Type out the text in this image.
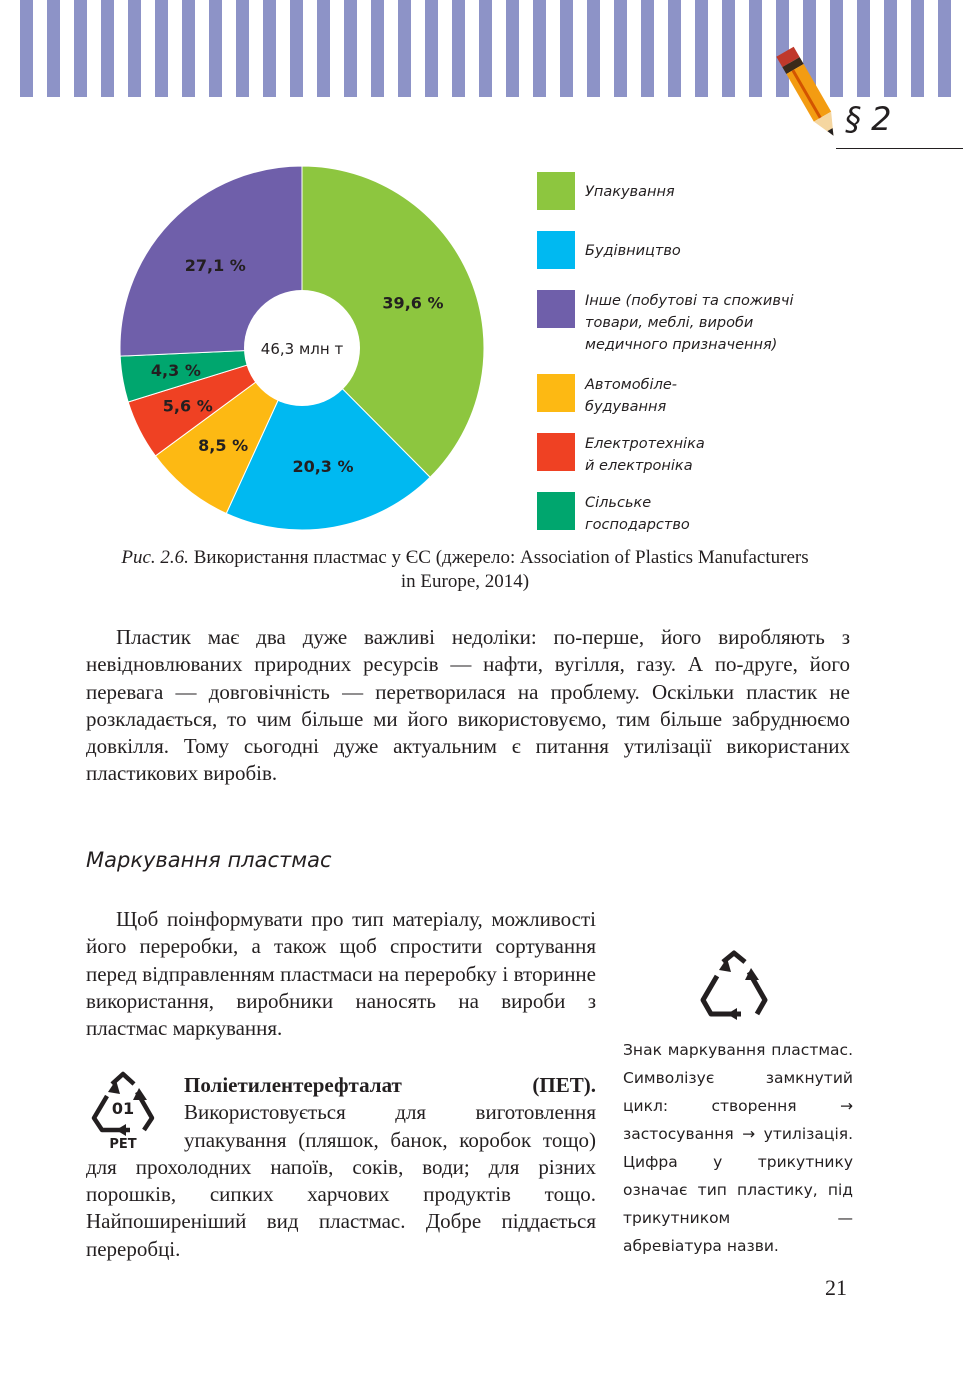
§ 2
39,6 %
20,3 %
8,5 %
5,6 %
4,3 %
27,1 %
46,3 млн т
Упакування
Будівництво
Інше (побутові та споживчі
товари, меблі, вироби
медичного призначення)
Автомобіле-
будування
Електротехніка
й електроніка
Сільське
господарство
Рис. 2.6. Використання пластмас у ЄС (джерело: Association of Plastics Manufacturers in Europe, 2014)
Пластик має два дуже важливі недоліки: по-перше, його виробляють з невідновлюваних природних ресурсів — нафти, вугілля, газу. А по-друге, його перевага — довговічність — перетворилася на проблему. Оскільки пластик не розкладається, то чим більше ми його використовуємо, тим більше забруднюємо довкілля. Тому сьогодні дуже актуальним є питання утилізації використаних пластикових виробів.
Маркування пластмас
Щоб поінформувати про тип матеріалу, можливості його переробки, а також щоб спростити сортування перед відправленням пластмаси на переробку і вторинне використання, виробники наносять на вироби з пластмас маркування.
Знак маркування пластмас. Символізує замкнутий цикл: створення → застосування → утилізація. Цифра у трикутнику означає тип пластику, під трикутником — абревіатура назви.
01
PET
Поліетилентерефталат (ПЕТ). Використовується для виготовлення упакування (пляшок, банок, коробок тощо) для прохолодних напоїв, соків, води; для різних порошків, сипких харчових продуктів тощо. Найпоширеніший вид пластмас. Добре піддається переробці.
21
